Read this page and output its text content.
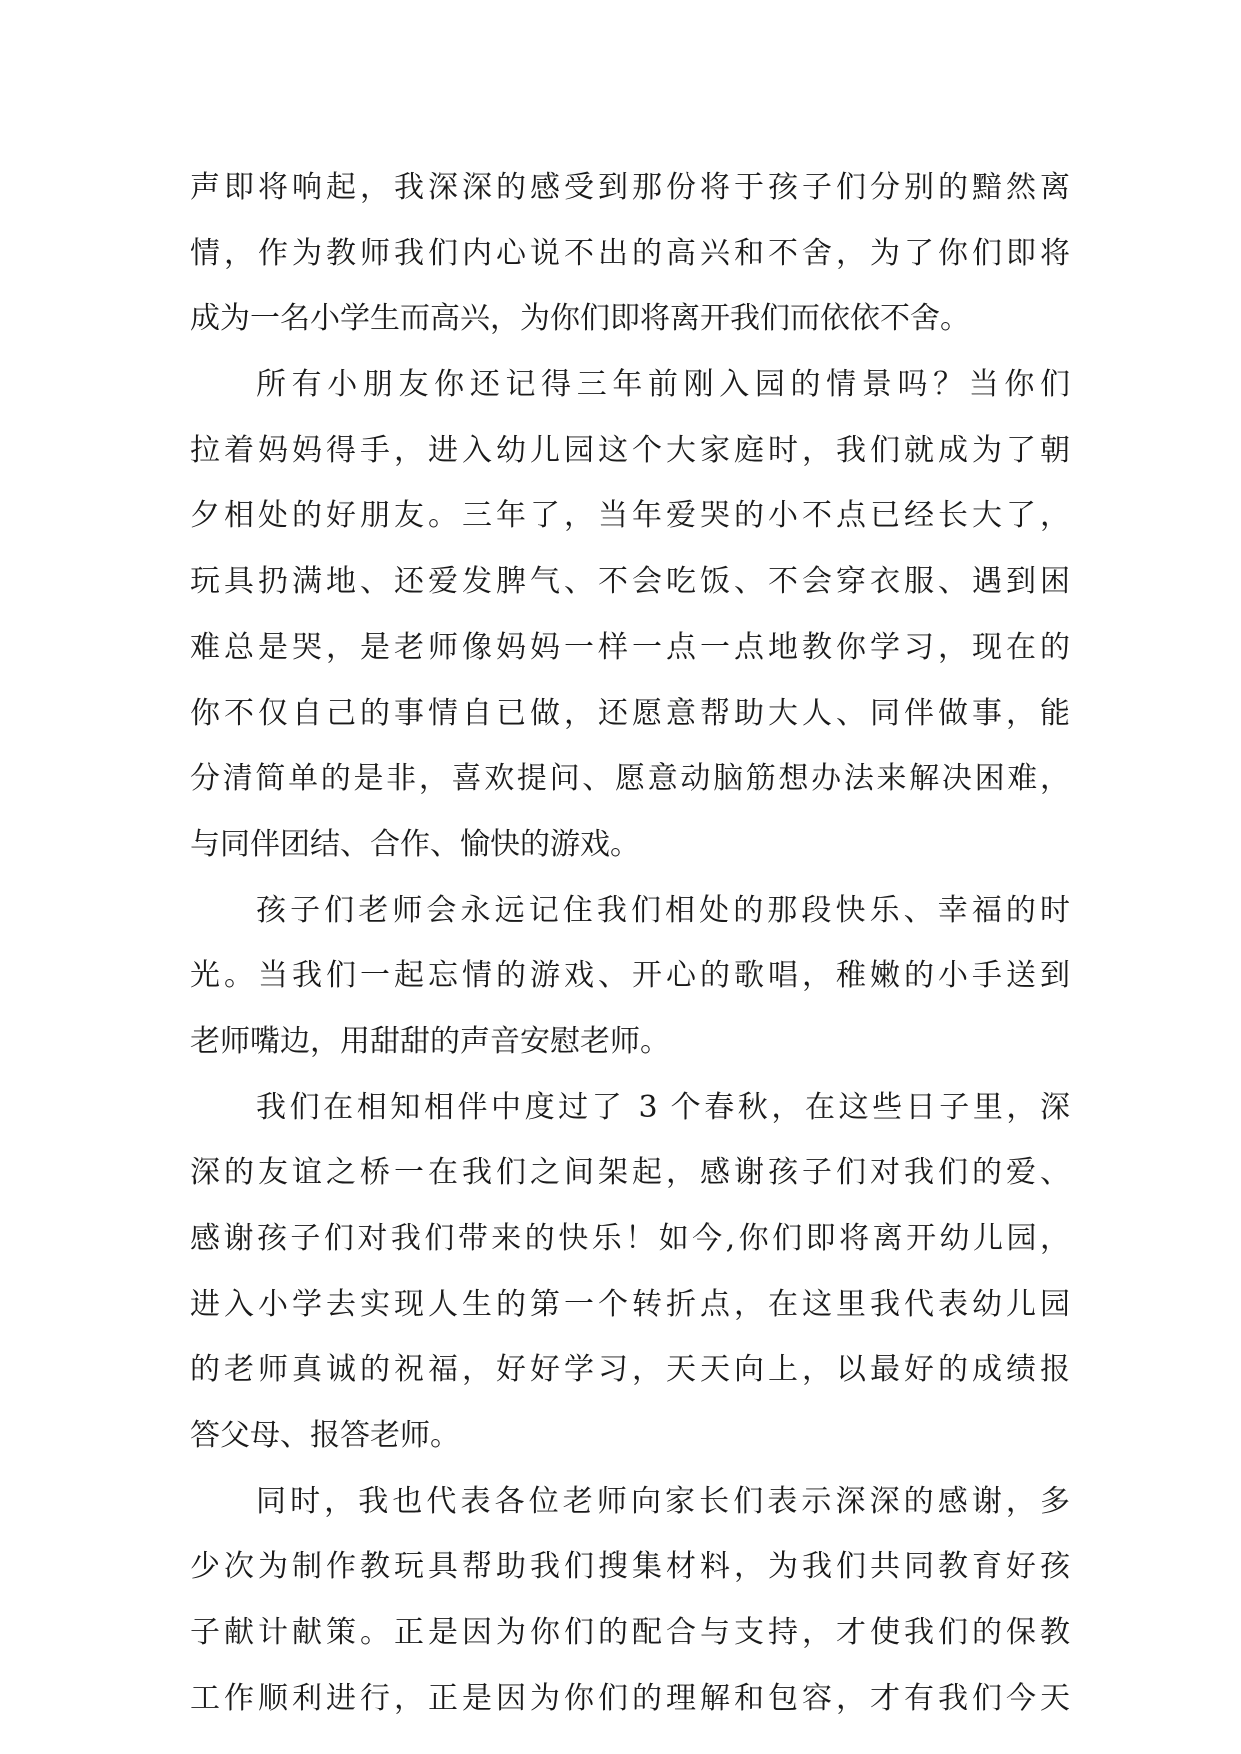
声即将响起，我深深的感受到那份将于孩子们分别的黯然离
情，作为教师我们内心说不出的高兴和不舍，为了你们即将
成为一名小学生而高兴，为你们即将离开我们而依依不舍。
所有小朋友你还记得三年前刚入园的情景吗？当你们
拉着妈妈得手，进入幼儿园这个大家庭时，我们就成为了朝
夕相处的好朋友。三年了，当年爱哭的小不点已经长大了，
玩具扔满地、还爱发脾气、不会吃饭、不会穿衣服、遇到困
难总是哭，是老师像妈妈一样一点一点地教你学习，现在的
你不仅自己的事情自已做，还愿意帮助大人、同伴做事，能
分清简单的是非，喜欢提问、愿意动脑筋想办法来解决困难，
与同伴团结、合作、愉快的游戏。
孩子们老师会永远记住我们相处的那段快乐、幸福的时
光。当我们一起忘情的游戏、开心的歌唱，稚嫩的小手送到
老师嘴边，用甜甜的声音安慰老师。
我们在相知相伴中度过了 3 个春秋，在这些日子里，深
深的友谊之桥一在我们之间架起，感谢孩子们对我们的爱、
感谢孩子们对我们带来的快乐！如今,你们即将离开幼儿园，
进入小学去实现人生的第一个转折点，在这里我代表幼儿园
的老师真诚的祝福，好好学习，天天向上，以最好的成绩报
答父母、报答老师。
同时，我也代表各位老师向家长们表示深深的感谢，多
少次为制作教玩具帮助我们搜集材料，为我们共同教育好孩
子献计献策。正是因为你们的配合与支持，才使我们的保教
工作顺利进行，正是因为你们的理解和包容，才有我们今天
